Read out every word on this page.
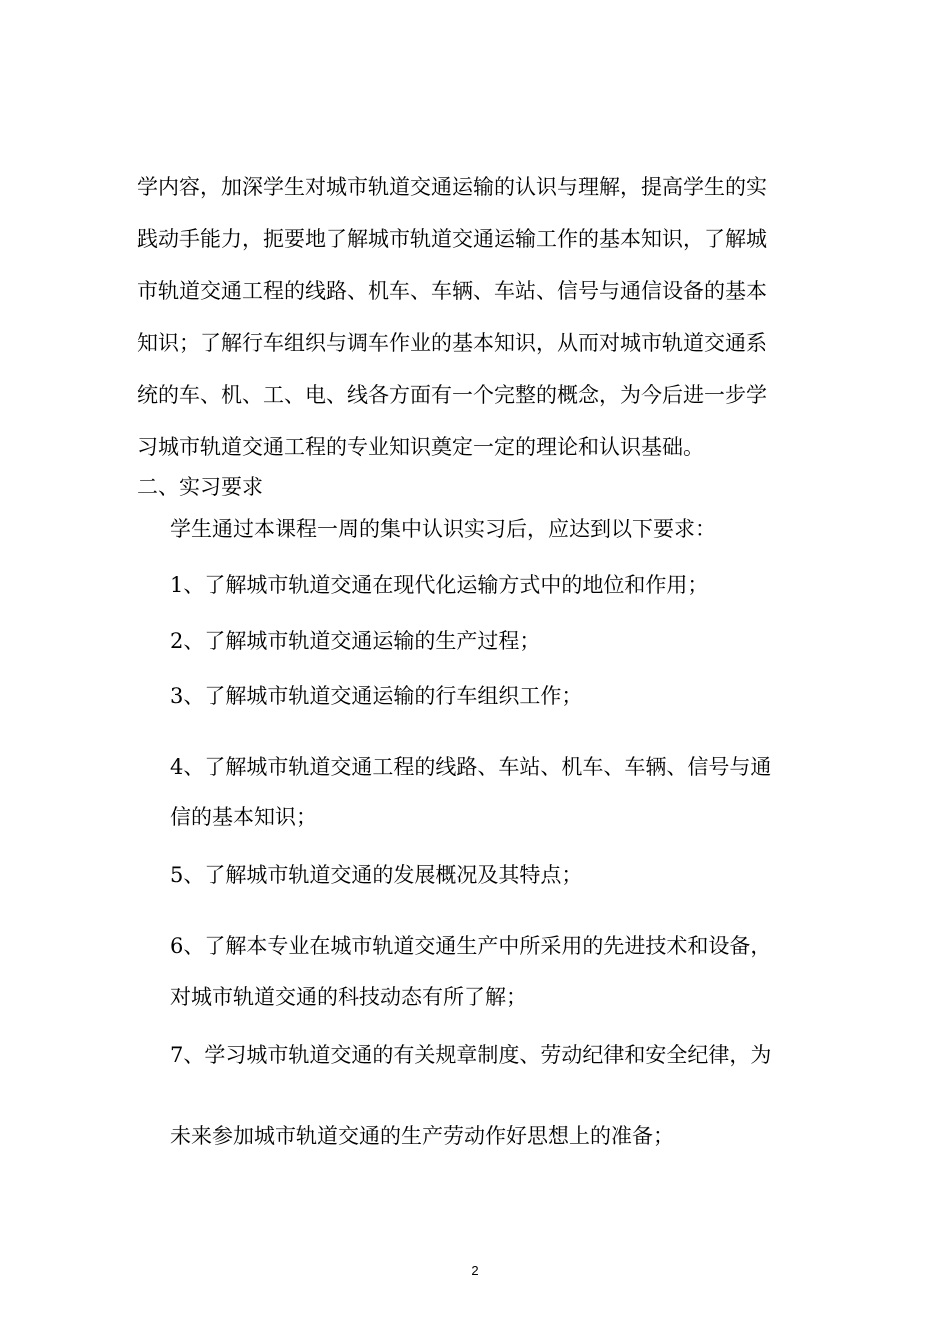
学内容，加深学生对城市轨道交通运输的认识与理解，提高学生的实
践动手能力，扼要地了解城市轨道交通运输工作的基本知识，了解城
市轨道交通工程的线路、机车、车辆、车站、信号与通信设备的基本
知识；了解行车组织与调车作业的基本知识，从而对城市轨道交通系
统的车、机、工、电、线各方面有一个完整的概念，为今后进一步学
习城市轨道交通工程的专业知识奠定一定的理论和认识基础。
二、实习要求
学生通过本课程一周的集中认识实习后，应达到以下要求：
1、了解城市轨道交通在现代化运输方式中的地位和作用；
2、了解城市轨道交通运输的生产过程；
3、了解城市轨道交通运输的行车组织工作；
4、了解城市轨道交通工程的线路、车站、机车、车辆、信号与通
信的基本知识；
5、了解城市轨道交通的发展概况及其特点；
6、了解本专业在城市轨道交通生产中所采用的先进技术和设备，
对城市轨道交通的科技动态有所了解；
7、学习城市轨道交通的有关规章制度、劳动纪律和安全纪律，为
未来参加城市轨道交通的生产劳动作好思想上的准备；
2
